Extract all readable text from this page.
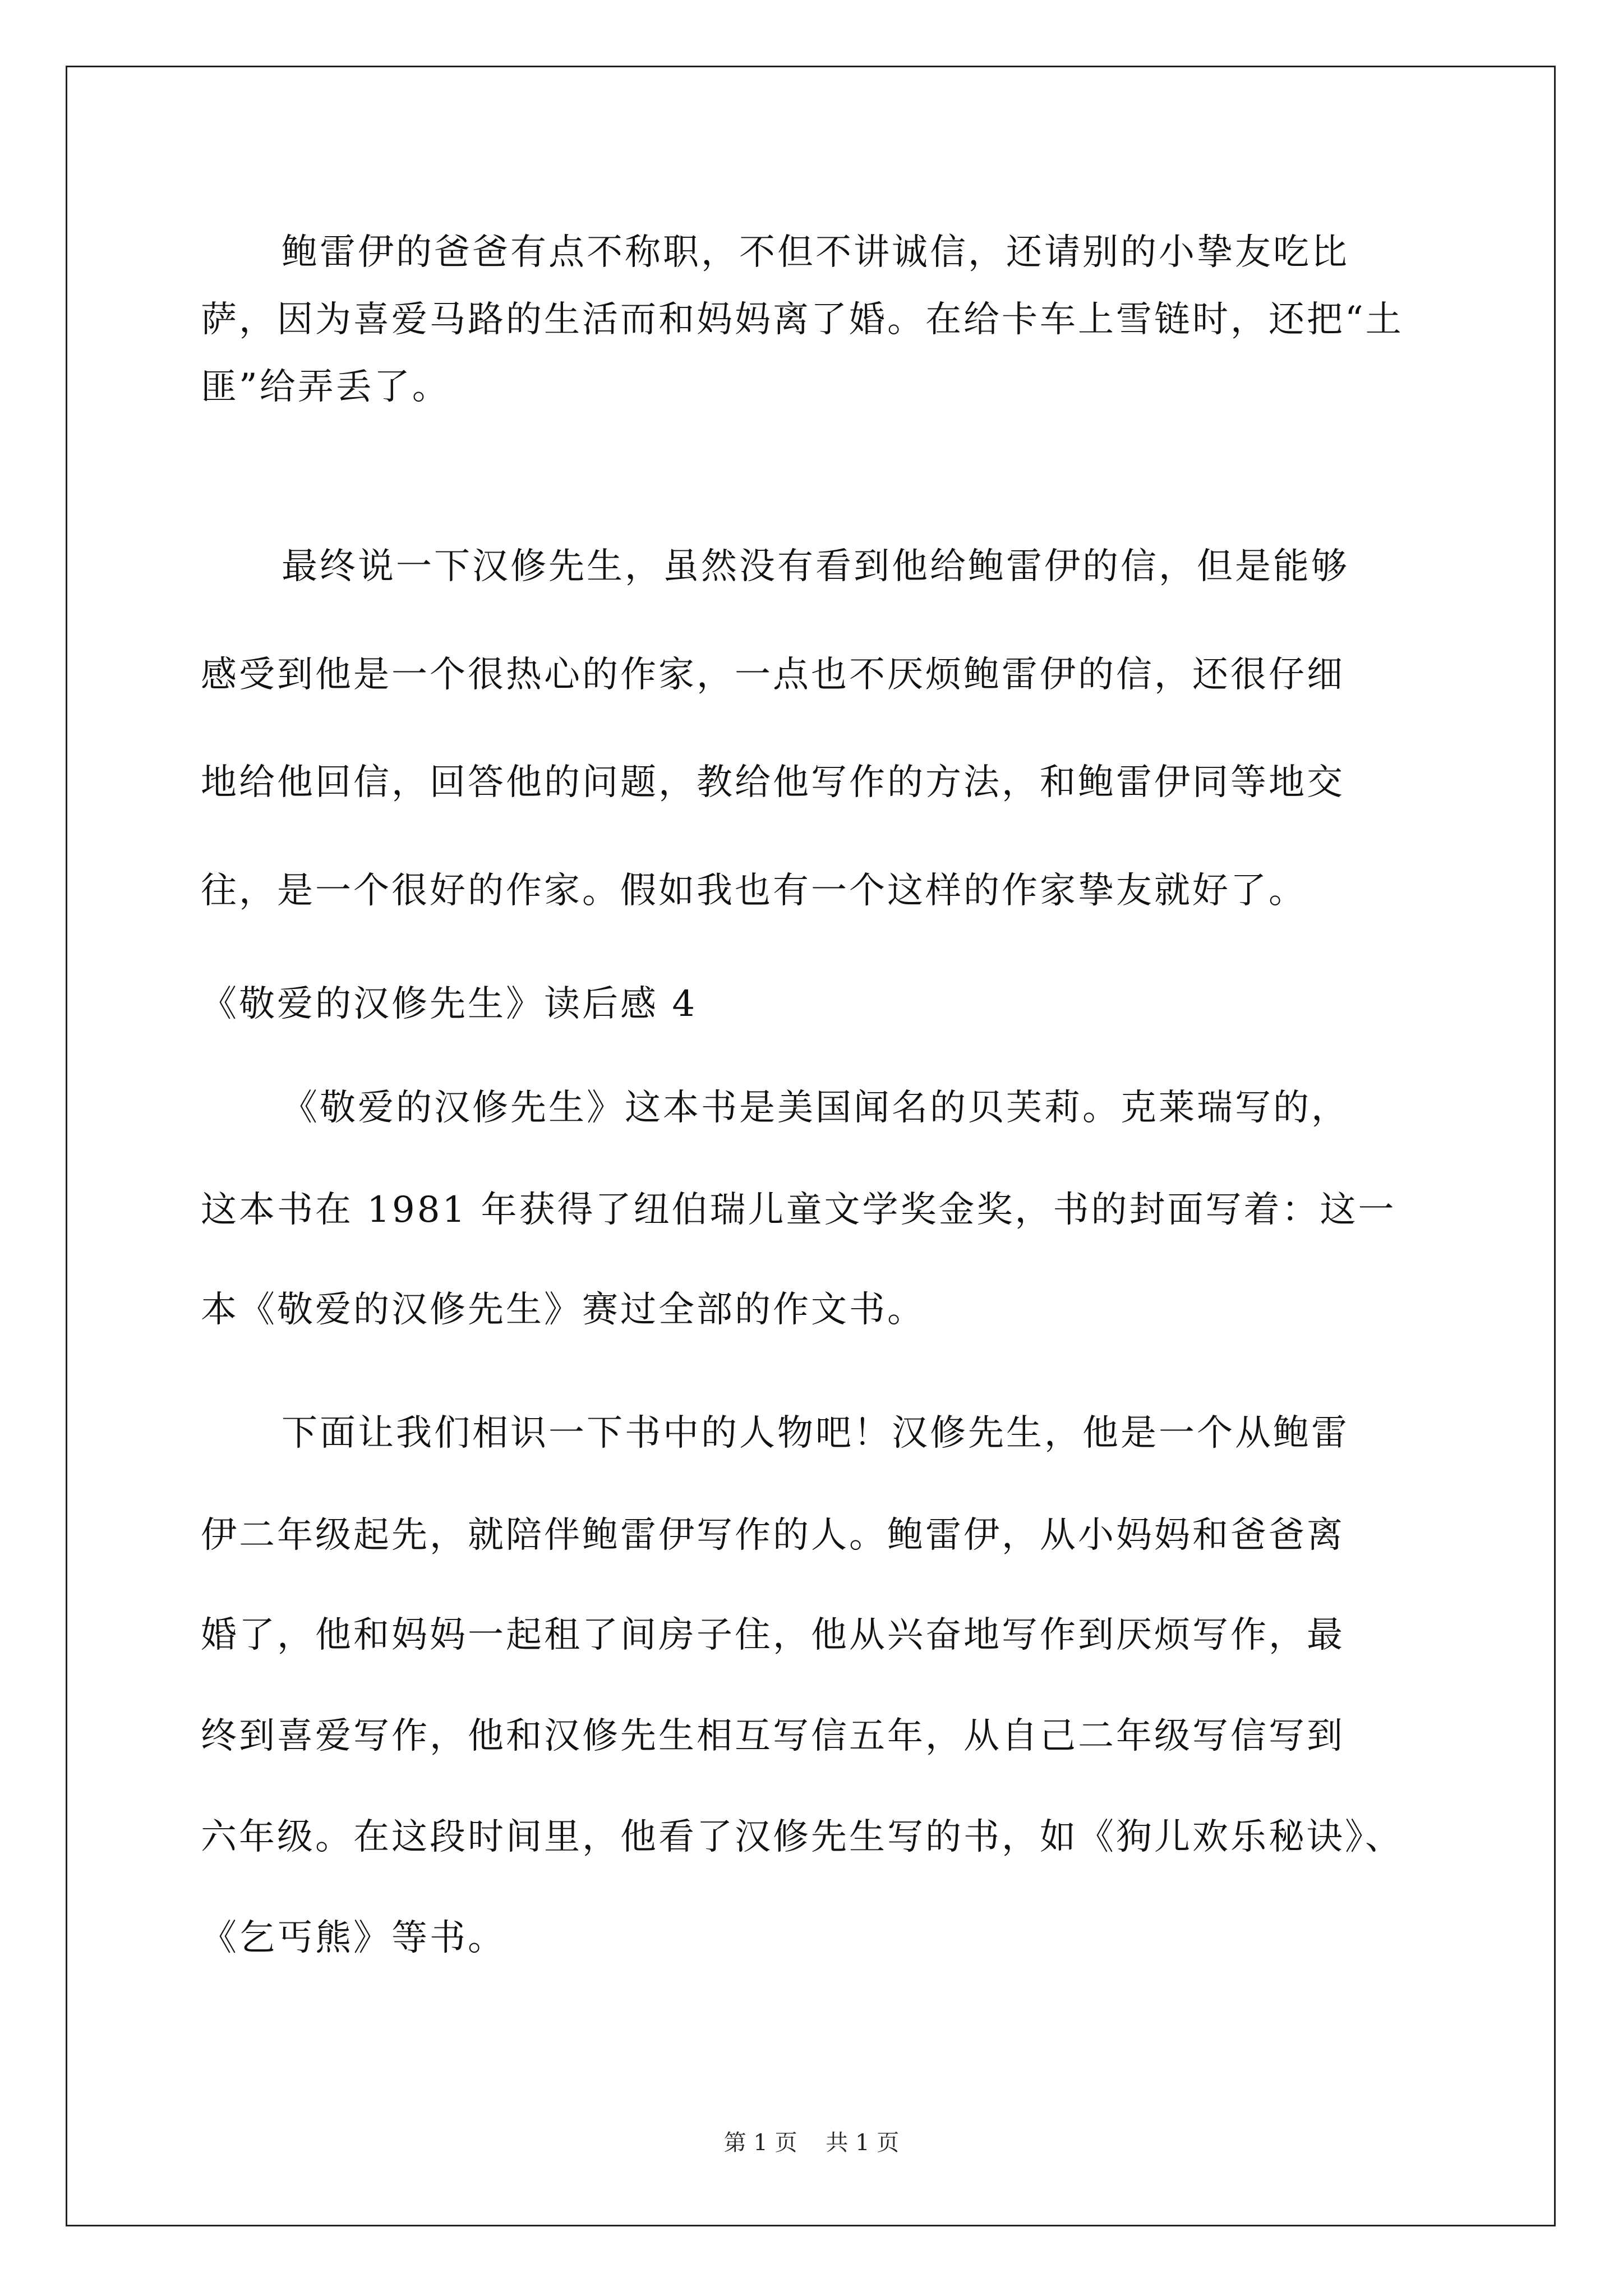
鲍雷伊的爸爸有点不称职，不但不讲诚信，还请别的小挚友吃比
萨，因为喜爱马路的生活而和妈妈离了婚。在给卡车上雪链时，还把“土
匪”给弄丢了。
最终说一下汉修先生，虽然没有看到他给鲍雷伊的信，但是能够
感受到他是一个很热心的作家，一点也不厌烦鲍雷伊的信，还很仔细
地给他回信，回答他的问题，教给他写作的方法，和鲍雷伊同等地交
往，是一个很好的作家。假如我也有一个这样的作家挚友就好了。
《敬爱的汉修先生》读后感 4
《敬爱的汉修先生》这本书是美国闻名的贝芙莉。克莱瑞写的，
这本书在 1981 年获得了纽伯瑞儿童文学奖金奖，书的封面写着：这一
本《敬爱的汉修先生》赛过全部的作文书。
下面让我们相识一下书中的人物吧！汉修先生，他是一个从鲍雷
伊二年级起先，就陪伴鲍雷伊写作的人。鲍雷伊，从小妈妈和爸爸离
婚了，他和妈妈一起租了间房子住，他从兴奋地写作到厌烦写作，最
终到喜爱写作，他和汉修先生相互写信五年，从自己二年级写信写到
六年级。在这段时间里，他看了汉修先生写的书，如《狗儿欢乐秘诀》、
《乞丐熊》等书。
第 1 页    共 1 页
